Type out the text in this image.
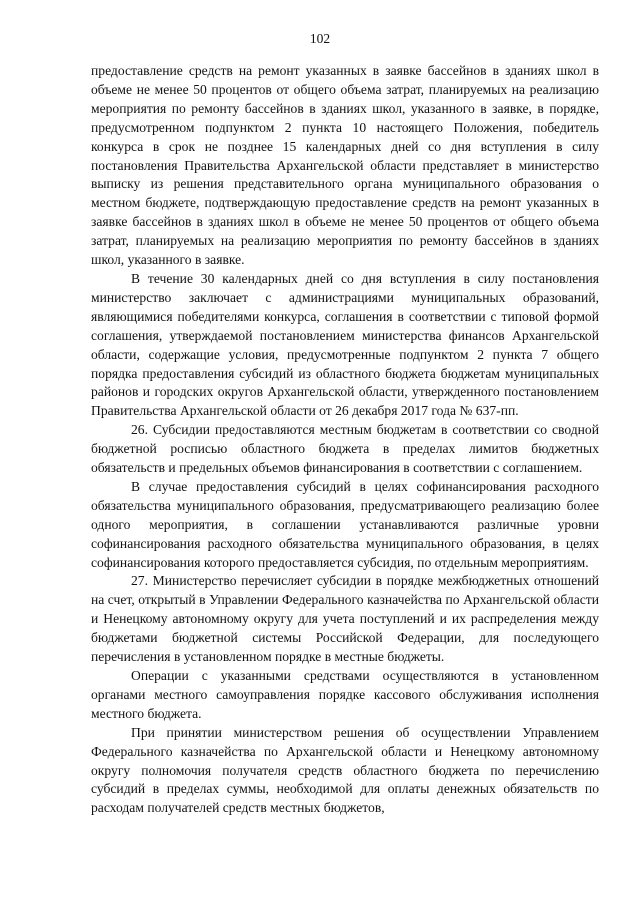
102

предоставление средств на ремонт указанных в заявке бассейнов в зданиях школ в объеме не менее 50 процентов от общего объема затрат, планируемых на реализацию мероприятия по ремонту бассейнов в зданиях школ, указанного в заявке, в порядке, предусмотренном подпунктом 2 пункта 10 настоящего Положения, победитель конкурса в срок не позднее 15 календарных дней со дня вступления в силу постановления Правительства Архангельской области представляет в министерство выписку из решения представительного органа муниципального образования о местном бюджете, подтверждающую предоставление средств на ремонт указанных в заявке бассейнов в зданиях школ в объеме не менее 50 процентов от общего объема затрат, планируемых на реализацию мероприятия по ремонту бассейнов в зданиях школ, указанного в заявке.

В течение 30 календарных дней со дня вступления в силу постановления министерство заключает с администрациями муниципальных образований, являющимися победителями конкурса, соглашения в соответствии с типовой формой соглашения, утверждаемой постановлением министерства финансов Архангельской области, содержащие условия, предусмотренные подпунктом 2 пункта 7 общего порядка предоставления субсидий из областного бюджета бюджетам муниципальных районов и городских округов Архангельской области, утвержденного постановлением Правительства Архангельской области от 26 декабря 2017 года № 637-пп.

26. Субсидии предоставляются местным бюджетам в соответствии со сводной бюджетной росписью областного бюджета в пределах лимитов бюджетных обязательств и предельных объемов финансирования в соответствии с соглашением.

В случае предоставления субсидий в целях софинансирования расходного обязательства муниципального образования, предусматривающего реализацию более одного мероприятия, в соглашении устанавливаются различные уровни софинансирования расходного обязательства муниципального образования, в целях софинансирования которого предоставляется субсидия, по отдельным мероприятиям.

27. Министерство перечисляет субсидии в порядке межбюджетных отношений на счет, открытый в Управлении Федерального казначейства по Архангельской области и Ненецкому автономному округу для учета поступлений и их распределения между бюджетами бюджетной системы Российской Федерации, для последующего перечисления в установленном порядке в местные бюджеты.

Операции с указанными средствами осуществляются в установленном органами местного самоуправления порядке кассового обслуживания исполнения местного бюджета.

При принятии министерством решения об осуществлении Управлением Федерального казначейства по Архангельской области и Ненецкому автономному округу полномочия получателя средств областного бюджета по перечислению субсидий в пределах суммы, необходимой для оплаты денежных обязательств по расходам получателей средств местных бюджетов,
